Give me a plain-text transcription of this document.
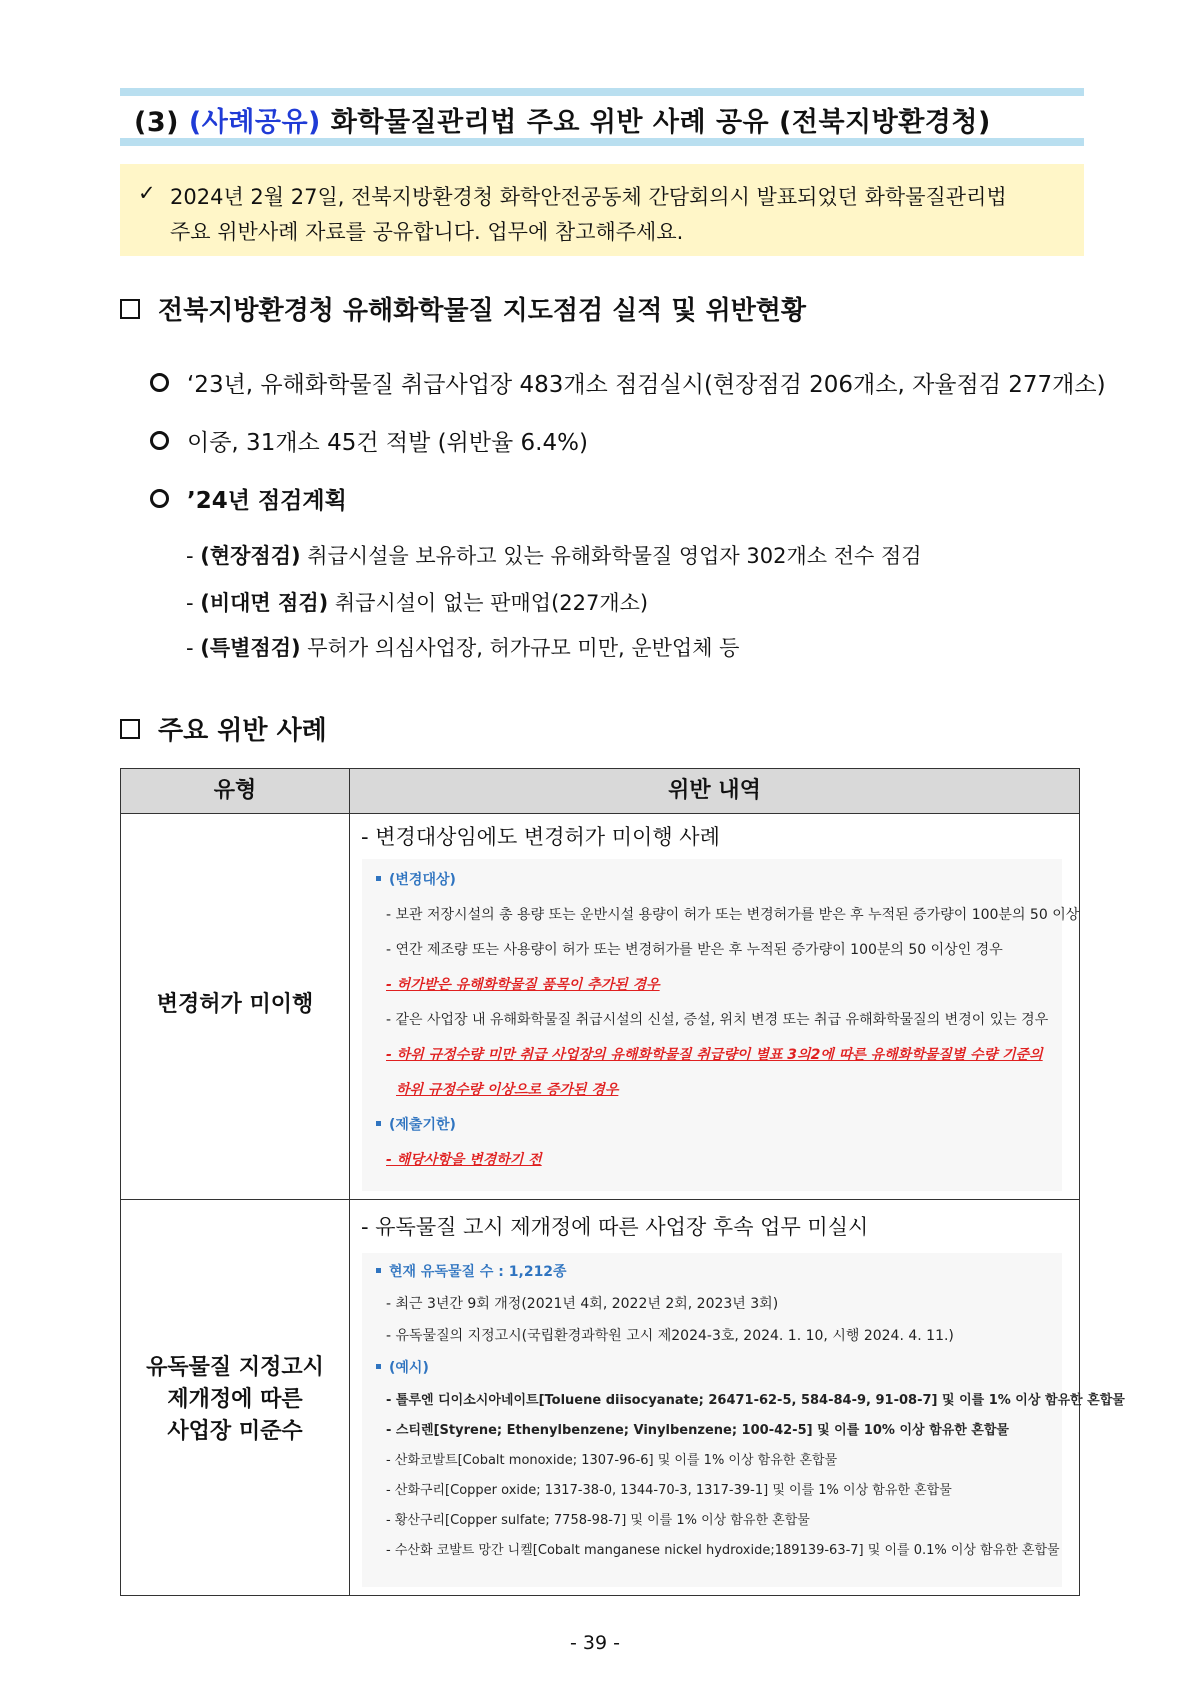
(3) (사례공유) 화학물질관리법 주요 위반 사례 공유 (전북지방환경청)
✓ 2024년 2월 27일, 전북지방환경청 화학안전공동체 간담회의시 발표되었던 화학물질관리법
주요 위반사례 자료를 공유합니다. 업무에 참고해주세요.
전북지방환경청 유해화학물질 지도점검 실적 및 위반현황
‘23년, 유해화학물질 취급사업장 483개소 점검실시(현장점검 206개소, 자율점검 277개소)
이중, 31개소 45건 적발 (위반율 6.4%)
’24년 점검계획
- (현장점검) 취급시설을 보유하고 있는 유해화학물질 영업자 302개소 전수 점검
- (비대면 점검) 취급시설이 없는 판매업(227개소)
- (특별점검) 무허가 의심사업장, 허가규모 미만, 운반업체 등
주요 위반 사례
유형	위반 내역
변경허가 미이행
- 변경대상임에도 변경허가 미이행 사례
(변경대상)
- 보관 저장시설의 총 용량 또는 운반시설 용량이 허가 또는 변경허가를 받은 후 누적된 증가량이 100분의 50 이상
- 연간 제조량 또는 사용량이 허가 또는 변경허가를 받은 후 누적된 증가량이 100분의 50 이상인 경우
- 허가받은 유해화학물질 품목이 추가된 경우
- 같은 사업장 내 유해화학물질 취급시설의 신설, 증설, 위치 변경 또는 취급 유해화학물질의 변경이 있는 경우
- 하위 규정수량 미만 취급 사업장의 유해화학물질 취급량이 별표 3의2에 따른 유해화학물질별 수량 기준의
하위 규정수량 이상으로 증가된 경우
(제출기한)
- 해당사항을 변경하기 전
유독물질 지정고시
제개정에 따른
사업장 미준수
- 유독물질 고시 제개정에 따른 사업장 후속 업무 미실시
현재 유독물질 수 : 1,212종
- 최근 3년간 9회 개정(2021년 4회, 2022년 2회, 2023년 3회)
- 유독물질의 지정고시(국립환경과학원 고시 제2024-3호, 2024. 1. 10, 시행 2024. 4. 11.)
(예시)
- 톨루엔 디이소시아네이트[Toluene diisocyanate; 26471-62-5, 584-84-9, 91-08-7] 및 이를 1% 이상 함유한 혼합물
- 스티렌[Styrene; Ethenylbenzene; Vinylbenzene; 100-42-5] 및 이를 10% 이상 함유한 혼합물
- 산화코발트[Cobalt monoxide; 1307-96-6] 및 이를 1% 이상 함유한 혼합물
- 산화구리[Copper oxide; 1317-38-0, 1344-70-3, 1317-39-1] 및 이를 1% 이상 함유한 혼합물
- 황산구리[Copper sulfate; 7758-98-7] 및 이를 1% 이상 함유한 혼합물
- 수산화 코발트 망간 니켈[Cobalt manganese nickel hydroxide;189139-63-7] 및 이를 0.1% 이상 함유한 혼합물
- 39 -
